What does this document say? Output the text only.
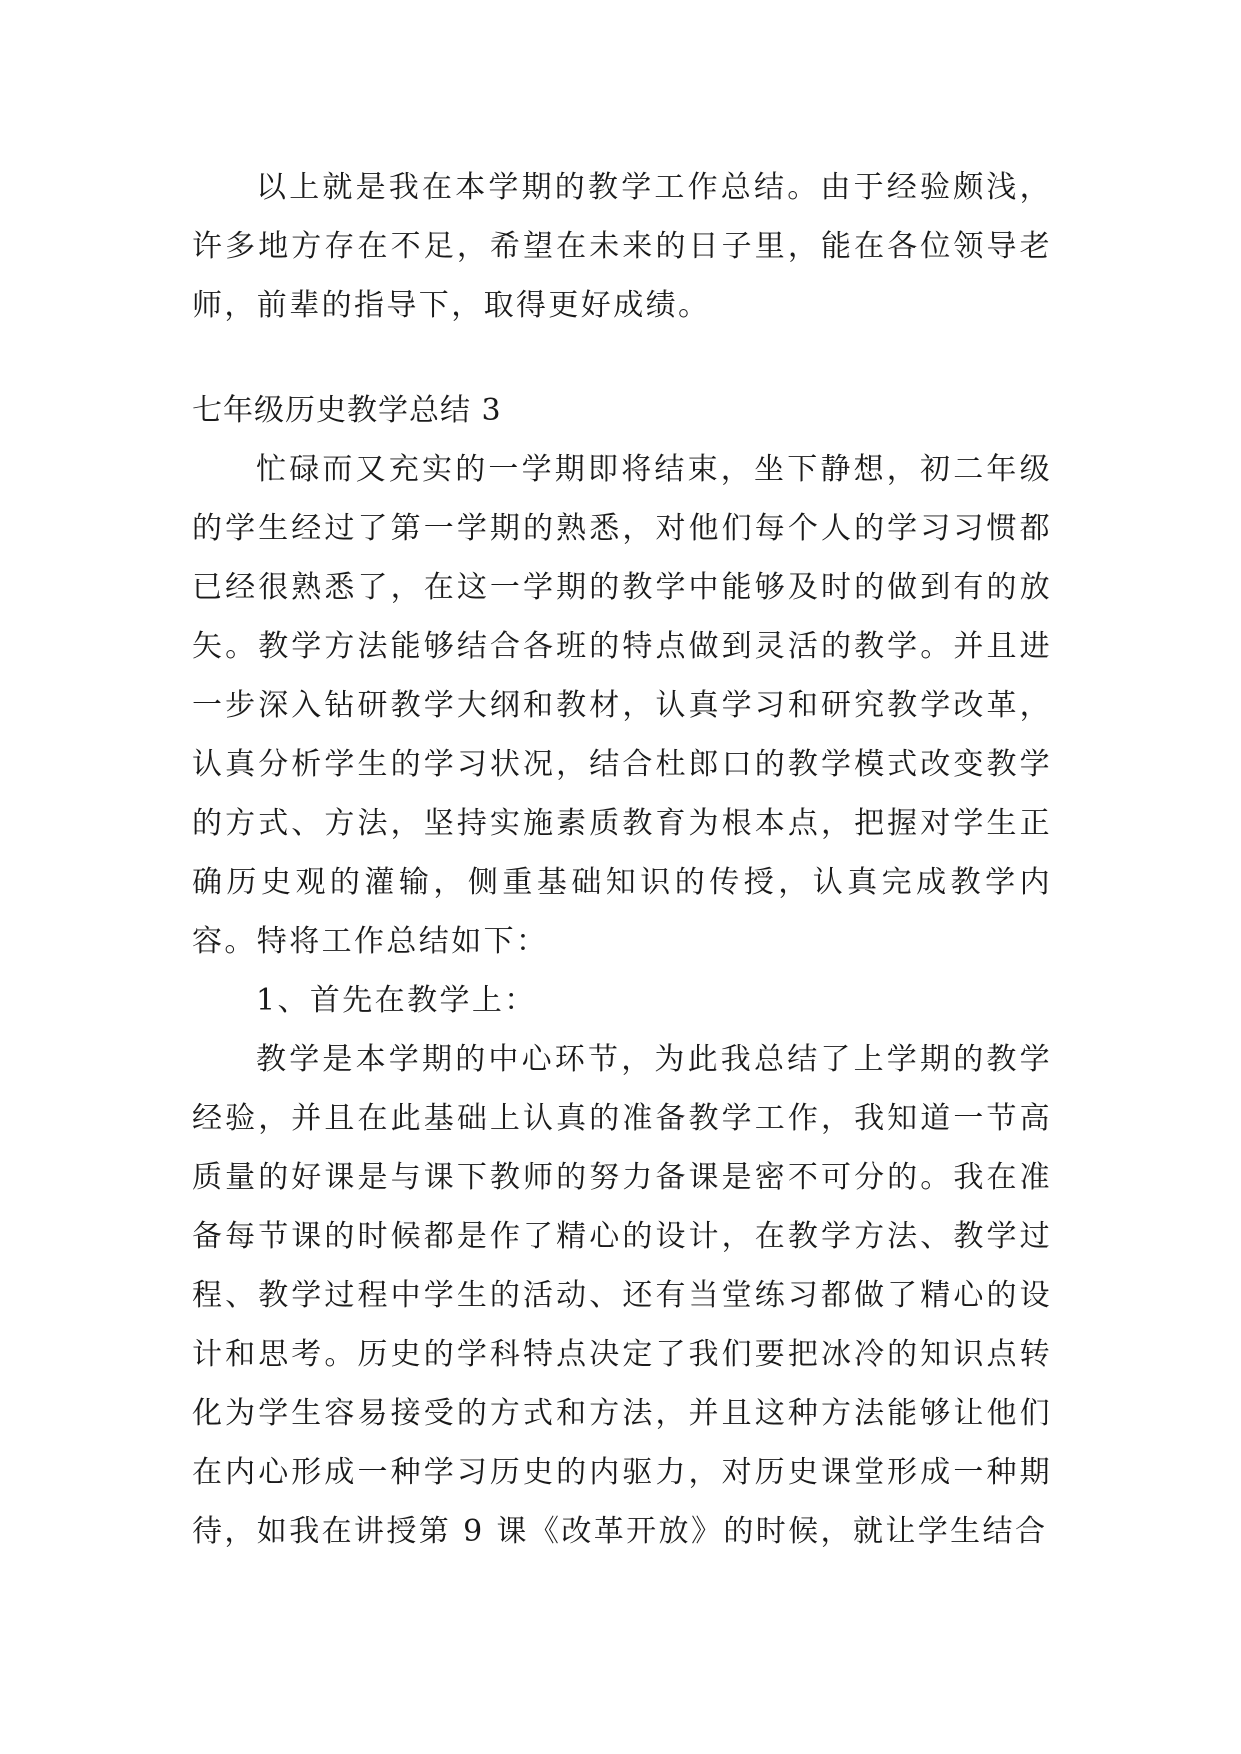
以上就是我在本学期的教学工作总结。由于经验颇浅，许多地方存在不足，希望在未来的日子里，能在各位领导老师，前辈的指导下，取得更好成绩。

七年级历史教学总结 3

忙碌而又充实的一学期即将结束，坐下静想，初二年级的学生经过了第一学期的熟悉，对他们每个人的学习习惯都已经很熟悉了，在这一学期的教学中能够及时的做到有的放矢。教学方法能够结合各班的特点做到灵活的教学。并且进一步深入钻研教学大纲和教材，认真学习和研究教学改革，认真分析学生的学习状况，结合杜郎口的教学模式改变教学的方式、方法，坚持实施素质教育为根本点，把握对学生正确历史观的灌输，侧重基础知识的传授，认真完成教学内容。特将工作总结如下：

1、首先在教学上：

教学是本学期的中心环节，为此我总结了上学期的教学经验，并且在此基础上认真的准备教学工作，我知道一节高质量的好课是与课下教师的努力备课是密不可分的。我在准备每节课的时候都是作了精心的设计，在教学方法、教学过程、教学过程中学生的活动、还有当堂练习都做了精心的设计和思考。历史的学科特点决定了我们要把冰冷的知识点转化为学生容易接受的方式和方法，并且这种方法能够让他们在内心形成一种学习历史的内驱力，对历史课堂形成一种期待，如我在讲授第 9 课《改革开放》的时候，就让学生结合
